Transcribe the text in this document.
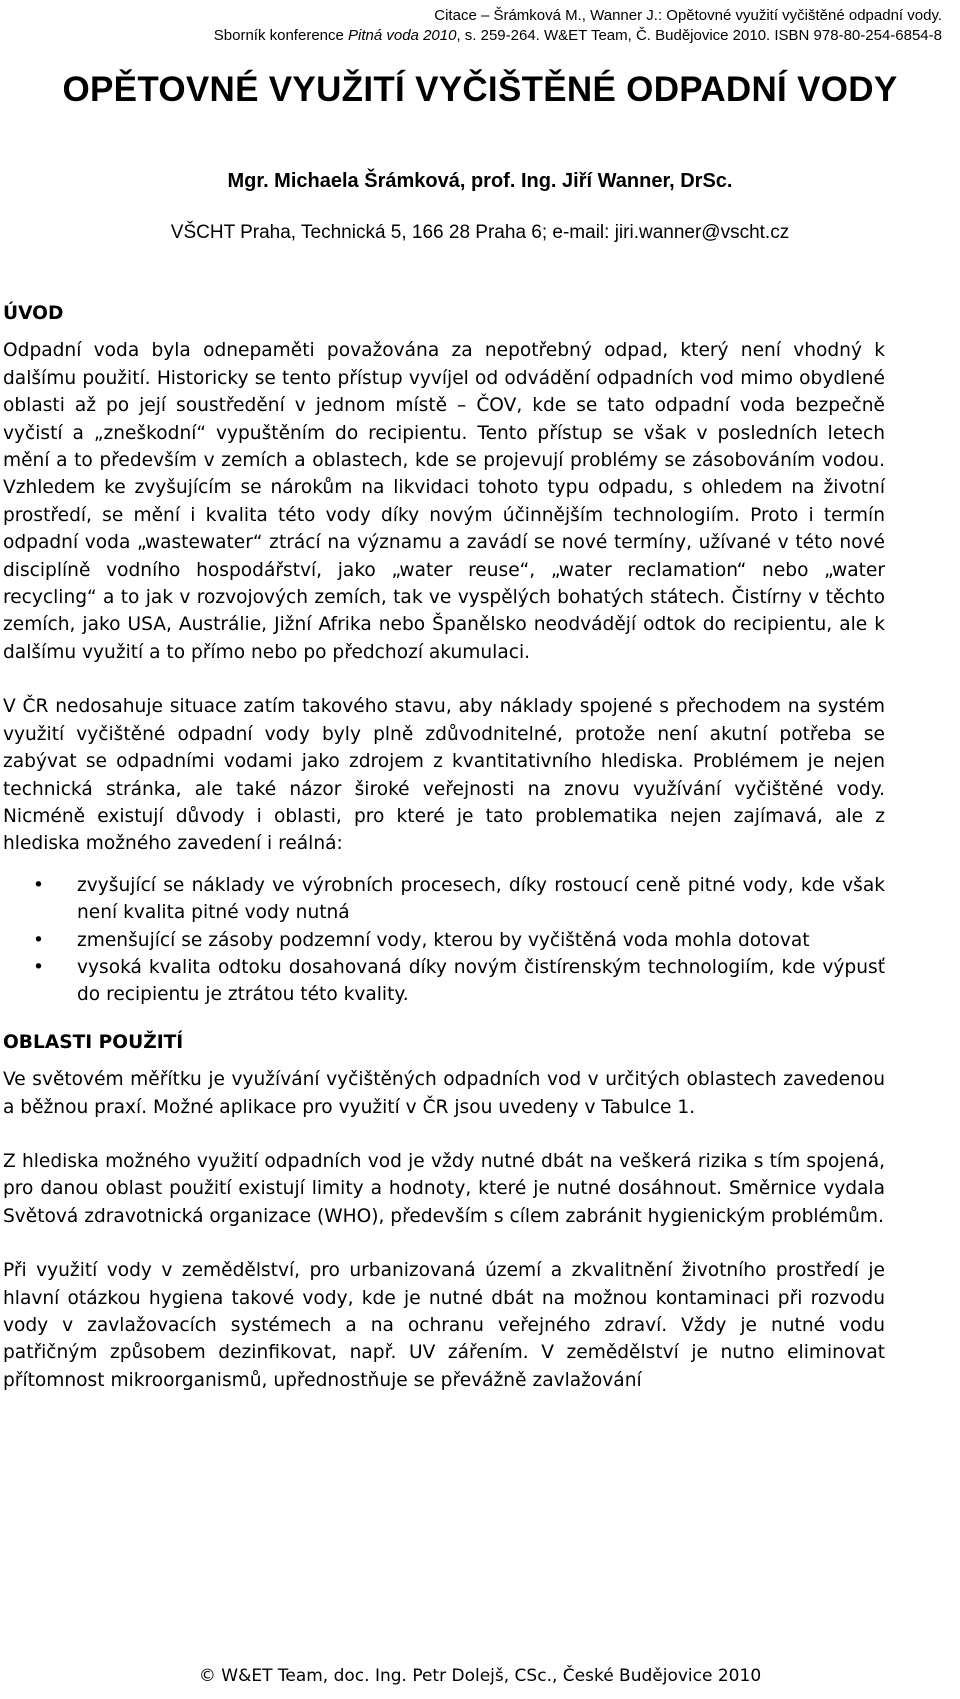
Citace – Šrámková M., Wanner J.: Opětovné využití vyčištěné odpadní vody.
Sborník konference Pitná voda 2010, s. 259-264. W&ET Team, Č. Budějovice 2010. ISBN 978-80-254-6854-8
OPĚTOVNÉ VYUŽITÍ VYČIŠTĚNÉ ODPADNÍ VODY
Mgr. Michaela Šrámková, prof. Ing. Jiří Wanner, DrSc.
VŠCHT Praha, Technická 5, 166 28 Praha 6; e-mail: jiri.wanner@vscht.cz
ÚVOD

Odpadní voda byla odnepaměti považována za nepotřebný odpad, který není vhodný k dalšímu použití. Historicky se tento přístup vyvíjel od odvádění odpadních vod mimo obydlené oblasti až po její soustředění v jednom místě – ČOV, kde se tato odpadní voda bezpečně vyčistí a „zneškodní“ vypuštěním do recipientu. Tento přístup se však v posledních letech mění a to především v zemích a oblastech, kde se projevují problémy se zásobováním vodou. Vzhledem ke zvyšujícím se nárokům na likvidaci tohoto typu odpadu, s ohledem na životní prostředí, se mění i kvalita této vody díky novým účinnějším technologiím. Proto i termín odpadní voda „wastewater“ ztrácí na významu a zavádí se nové termíny, užívané v této nové disciplíně vodního hospodářství, jako „water reuse“, „water reclamation“ nebo „water recycling“ a to jak v rozvojových zemích, tak ve vyspělých bohatých státech. Čistírny v těchto zemích, jako USA, Austrálie, Jižní Afrika nebo Španělsko neodvádějí odtok do recipientu, ale k dalšímu využití a to přímo nebo po předchozí akumulaci.

V ČR nedosahuje situace zatím takového stavu, aby náklady spojené s přechodem na systém využití vyčištěné odpadní vody byly plně zdůvodnitelné, protože není akutní potřeba se zabývat se odpadními vodami jako zdrojem z kvantitativního hlediska. Problémem je nejen technická stránka, ale také názor široké veřejnosti na znovu využívání vyčištěné vody. Nicméně existují důvody i oblasti, pro které je tato problematika nejen zajímavá, ale z hlediska možného zavedení i reálná:

• zvyšující se náklady ve výrobních procesech, díky rostoucí ceně pitné vody, kde však není kvalita pitné vody nutná
• zmenšující se zásoby podzemní vody, kterou by vyčištěná voda mohla dotovat
• vysoká kvalita odtoku dosahovaná díky novým čistírenským technologiím, kde výpusť do recipientu je ztrátou této kvality.
OBLASTI POUŽITÍ

Ve světovém měřítku je využívání vyčištěných odpadních vod v určitých oblastech zavedenou a běžnou praxí. Možné aplikace pro využití v ČR jsou uvedeny v Tabulce 1.

Z hlediska možného využití odpadních vod je vždy nutné dbát na veškerá rizika s tím spojená, pro danou oblast použití existují limity a hodnoty, které je nutné dosáhnout. Směrnice vydala Světová zdravotnická organizace (WHO), především s cílem zabránit hygienickým problémům.

Při využití vody v zemědělství, pro urbanizovaná území a zkvalitnění životního prostředí je hlavní otázkou hygiena takové vody, kde je nutné dbát na možnou kontaminaci při rozvodu vody v zavlažovacích systémech a na ochranu veřejného zdraví. Vždy je nutné vodu patřičným způsobem dezinfikovat, např. UV zářením. V zemědělství je nutno eliminovat přítomnost mikroorganismů, upřednostňuje se převážně zavlažování

© W&ET Team, doc. Ing. Petr Dolejš, CSc., České Budějovice 2010
